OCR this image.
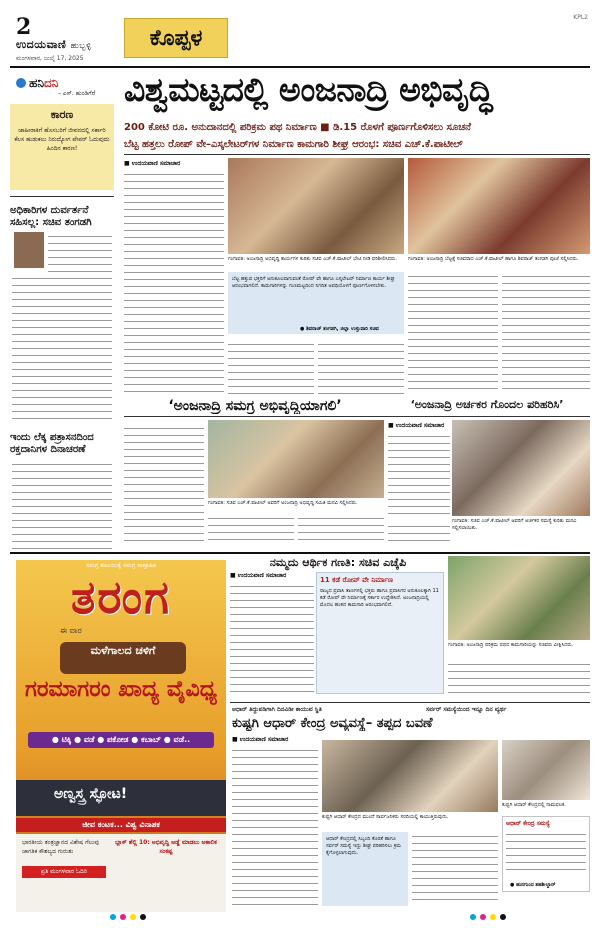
2
ಉದಯವಾಣಿ ಹುಬ್ಬಳ್ಳಿ
ಮಂಗಳವಾರ, ಜುಲೈ 17, 2025
ಕೊಪ್ಪಳ
KPL2
ಹನಿದನಿ
– ಎಸ್. ಹುಂಡಿಗೆರೆ
ಕಾರಣ
ಜಾಹೀರಾತಿಗೆ ಹೊಸಬರಿಗೆ ಜೀವನದಲ್ಲಿ ಸರ್ಕಾರಿ ಕೆಲಸ ಹುಡುಕಲು ನಿರುದ್ಯೋಗ ಪೇಪರ್ ಓದುವುದು ಹಿಂದಿನ ಕಾರಣ!
ಅಧಿಕಾರಿಗಳ ದುರ್ವರ್ತನೆ ಸಹಿಸಲ್ಲ: ಸಚಿವ ತಂಗಡಗಿ
ಇಂದು ಲೆಕ್ಕ ಪತ್ರಾಸನದಿಂದ ರಕ್ತದಾನಿಗಳ ದಿನಾಚರಣೆ
ವಿಶ್ವಮಟ್ಟದಲ್ಲಿ ಅಂಜನಾದ್ರಿ ಅಭಿವೃದ್ಧಿ
200 ಕೋಟಿ ರೂ. ಅನುದಾನದಲ್ಲಿ ಪರಿಕ್ರಮ ಪಥ ನಿರ್ಮಾಣ ■ ಡಿ.15 ರೊಳಗೆ ಪೂರ್ಣಗೊಳಿಸಲು ಸೂಚನೆ
ಬೆಟ್ಟ ಹತ್ತಲು ರೋಪ್ ವೇ–ಎಸ್ಕಲೇಟರ್‌ಗಳ ನಿರ್ಮಾಣ ಕಾಮಗಾರಿ ಶೀಘ್ರ ಆರಂಭ: ಸಚಿವ ಎಚ್.ಕೆ.ಪಾಟೀಲ್
■ ಉದಯವಾಣಿ ಸಮಾಚಾರ
ಗಂಗಾವತಿ: ಅಂಜನಾದ್ರಿ ಅಭಿವೃದ್ಧಿ ಕಾರ್ಯಗಳ ಕುರಿತು ಸಚಿವ ಎಚ್.ಕೆ.ಪಾಟೀಲ್ ಭೇಟಿ ನೀಡಿ ಪರಿಶೀಲಿಸಿದರು.	ಗಂಗಾವತಿ: ಅಂಜನಾದ್ರಿ ಬೆಟ್ಟಕ್ಕೆ ಸಚಿವರಾದ ಎಚ್.ಕೆ.ಪಾಟೀಲ್ ಹಾಗೂ ಶಿವರಾಜ್ ತಂಗಡಗಿ ಪೂಜೆ ಸಲ್ಲಿಸಿದರು.
ಬೆಟ್ಟ ಹತ್ತುವ ಭಕ್ತರಿಗೆ ಅನುಕೂಲವಾಗುವಂತೆ ರೋಪ್ ವೇ ಹಾಗೂ ಎಸ್ಕಲೇಟರ್ ನಿರ್ಮಾಣ ಕಾರ್ಯ ಶೀಘ್ರ ಆರಂಭವಾಗಲಿದೆ. ಕಾಮಗಾರಿಗಳನ್ನು ಗುಣಮಟ್ಟದಿಂದ ನಿಗದಿತ ಅವಧಿಯೊಳಗೆ ಪೂರ್ಣಗೊಳಿಸಬೇಕು.
● ಶಿವರಾಜ್ ತಂಗಡಗಿ, ಜಿಲ್ಲಾ ಉಸ್ತುವಾರಿ ಸಚಿವ
‘ಅಂಜನಾದ್ರಿ ಸಮಗ್ರ ಅಭಿವೃದ್ಧಿಯಾಗಲಿ’	‘ಅಂಜನಾದ್ರಿ ಅರ್ಚಕರ ಗೊಂದಲ ಪರಿಹರಿಸಿ’
ಗಂಗಾವತಿ: ಸಚಿವ ಎಚ್.ಕೆ.ಪಾಟೀಲ್ ಅವರಿಗೆ ಅಂಜನಾದ್ರಿ ಅಭಿವೃದ್ಧಿ ಸಮಿತಿ ಮನವಿ ಸಲ್ಲಿಸಿದರು.
■ ಉದಯವಾಣಿ ಸಮಾಚಾರ
ಗಂಗಾವತಿ: ಸಚಿವ ಎಚ್.ಕೆ.ಪಾಟೀಲ್ ಅವರಿಗೆ ಅರ್ಚಕರ ಸಮಸ್ಯೆ ಕುರಿತು ಮನವಿ ಸಲ್ಲಿಸಲಾಯಿತು.
ಸಮಗ್ರ ಕುಟುಂಬಕ್ಕೆ ಸಮಗ್ರ ಸಾಪ್ತಾಹಿಕ
ತರಂಗ
ಈ ವಾರ
ಮಳೆಗಾಲದ ಚಳಿಗೆ
ಗರಮಾಗರಂ ಖಾದ್ಯ ವೈವಿಧ್ಯ
● ಟಿಕ್ಕಿ ● ವಡೆ ● ಪಕೋಡ ● ಕಬಾಬ್ ● ವಡೆ..
ಅಣ್ವಸ್ತ್ರ ಸ್ಫೋಟ!
ಜೀವ ಕಂಟಕ... ವಿಶ್ವ ವಿನಾಶಕ
ಭಾರತೀಯ ತಂತ್ರಜ್ಞಾನದ ವಿಶೇಷ ಗೆಲುವು ಜಾಗತಿಕ ಕೌಶಲ್ಯದ ಗುರುತು
ಪ್ರತಿ ಮಂಗಳವಾರ ಓದಿರಿ
ಬ್ಲಾಕ್ ಶೆಲ್ಲಿ 10: ಅಭಿವೃದ್ಧಿ ಅಡ್ಡೆ ಮಾಡಲು ಅಕಾಲಿಕ ಸಂಕಷ್ಟ
ನಮ್ಮದು ಆರ್ಥಿಕ ಗಣತಿ: ಸಚಿವ ಎಚ್ಕೆಪಿ
■ ಉದಯವಾಣಿ ಸಮಾಚಾರ
11 ಕಡೆ ರೋಪ್ ವೇ ನಿರ್ಮಾಣ
ರಾಜ್ಯದ ಪ್ರವಾಸಿ ತಾಣಗಳಲ್ಲಿ ಭಕ್ತರು ಹಾಗೂ ಪ್ರವಾಸಿಗರ ಅನುಕೂಲಕ್ಕಾಗಿ 11 ಕಡೆ ರೋಪ್ ವೇ ನಿರ್ಮಾಣಕ್ಕೆ ಸರ್ಕಾರ ಉದ್ದೇಶಿಸಿದೆ. ಅಂಜನಾದ್ರಿಯಲ್ಲಿ ಮೊದಲ ಹಂತದ ಕಾಮಗಾರಿ ಆರಂಭವಾಗಲಿದೆ.
ಗಂಗಾವತಿ: ಅಂಜನಾದ್ರಿ ಪರಿಕ್ರಮ ಪಥದ ಕಾಮಗಾರಿಯನ್ನು ಸಚಿವರು ವೀಕ್ಷಿಸಿದರು.
ಆಧಾರ್ ತಿದ್ದುಪಡಿಗಾಗಿ ದಿನವಿಡೀ ಕಾಯುವ ಸ್ಥಿತಿ	ಸರ್ವರ್ ಸಮಸ್ಯೆಯಿಂದ ಇನ್ನೂ ದಿನ ವ್ಯರ್ಥ
ಕುಷ್ಟಗಿ ಆಧಾರ್ ಕೇಂದ್ರ ಅವ್ಯವಸ್ಥೆ– ತಪ್ಪದ ಬವಣೆ
■ ಉದಯವಾಣಿ ಸಮಾಚಾರ
ಕುಷ್ಟಗಿ ಆಧಾರ್ ಕೇಂದ್ರದ ಮುಂದೆ ಸಾರ್ವಜನಿಕರು ಸರದಿಯಲ್ಲಿ ಕಾಯುತ್ತಿರುವುದು.
ಆಧಾರ್ ಕೇಂದ್ರದಲ್ಲಿ ಸಿಬ್ಬಂದಿ ಕೊರತೆ ಹಾಗೂ ಸರ್ವರ್ ಸಮಸ್ಯೆ ಇದ್ದು ಶೀಘ್ರ ಪರಿಹರಿಸಲು ಕ್ರಮ ಕೈಗೊಳ್ಳಲಾಗುವುದು.
ಕುಷ್ಟಗಿ ಆಧಾರ್ ಕೇಂದ್ರದಲ್ಲಿ ನಾಮಫಲಕ.
ಆಧಾರ್ ಕೇಂದ್ರ ಸಮಸ್ಯೆ
● ಹುನಗುಂದ ತಹಶೀಲ್ದಾರ್
